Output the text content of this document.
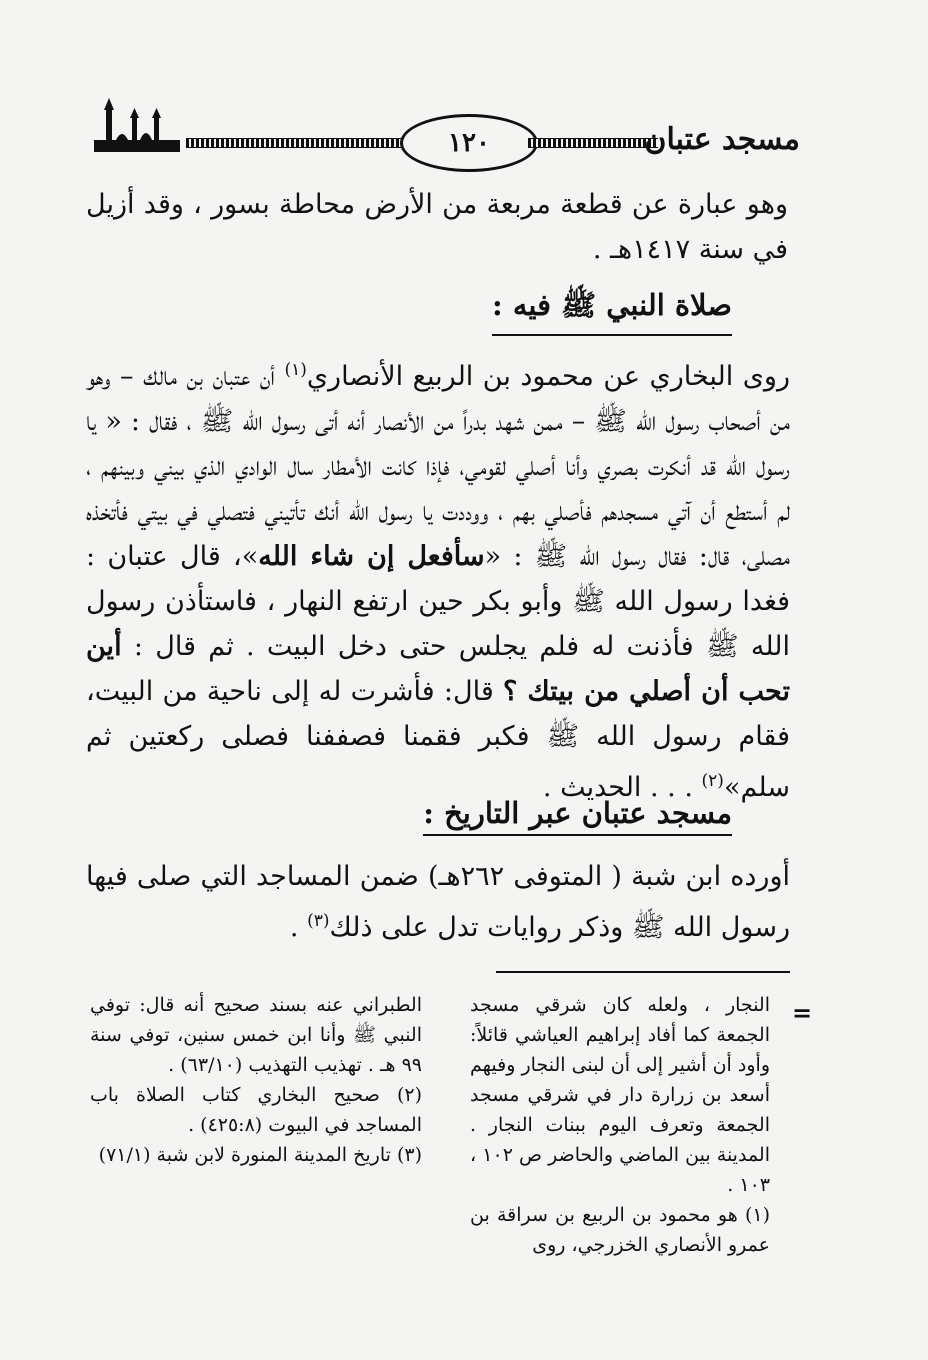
١٢٠	مسجد عتبان
وهو عبارة عن قطعة مربعة من الأرض محاطة بسور ، وقد أزيل في سنة ١٤١٧هـ .
صلاة النبي ﷺ فيه :
روى البخاري عن محمود بن الربيع الأنصاري$^{(١)}$ أن عتبان بن مالك – وهو من أصحاب رسول الله ﷺ – ممن شهد بدراً من الأنصار أنه أتى رسول الله ﷺ ، فقال : « يا رسول الله قد أنكرت بصري وأنا أصلي لقومي، فإذا كانت الأمطار سال الوادي الذي بيني وبينهم ، لم أستطع أن آتي مسجدهم فأصلي بهم ، ووددت يا رسول الله أنك تأتيني فتصلي في بيتي فأتخذه مصلى، قال: فقال رسول الله ﷺ : «سأفعل إن شاء الله»، قال عتبان : فغدا رسول الله ﷺ وأبو بكر حين ارتفع النهار ، فاستأذن رسول الله ﷺ فأذنت له فلم يجلس حتى دخل البيت . ثم قال : أين تحب أن أصلي من بيتك ؟ قال: فأشرت له إلى ناحية من البيت، فقام رسول الله ﷺ فكبر فقمنا فصففنا فصلى ركعتين ثم سلم»$^{(٢)}$ . . . الحديث .
مسجد عتبان عبر التاريخ :
أورده ابن شبة ( المتوفى ٢٦٢هـ) ضمن المساجد التي صلى فيها رسول الله ﷺ وذكر روايات تدل على ذلك$^{(٣)}$ .
=
النجار ، ولعله كان شرقي مسجد الجمعة كما أفاد إبراهيم العياشي قائلاً: وأود أن أشير إلى أن لبنى النجار وفيهم أسعد بن زرارة دار في شرقي مسجد الجمعة وتعرف اليوم ببنات النجار . المدينة بين الماضي والحاضر ص ١٠٢ ، ١٠٣ .
(١) هو محمود بن الربيع بن سراقة بن عمرو الأنصاري الخزرجي، روى
الطبراني عنه بسند صحيح أنه قال: توفي النبي ﷺ وأنا ابن خمس سنين، توفي سنة ٩٩ هـ . تهذيب التهذيب (٦٣/١٠) .
(٢) صحيح البخاري كتاب الصلاة باب المساجد في البيوت (٤٢٥:٨) .
(٣) تاريخ المدينة المنورة لابن شبة (٧١/١)
